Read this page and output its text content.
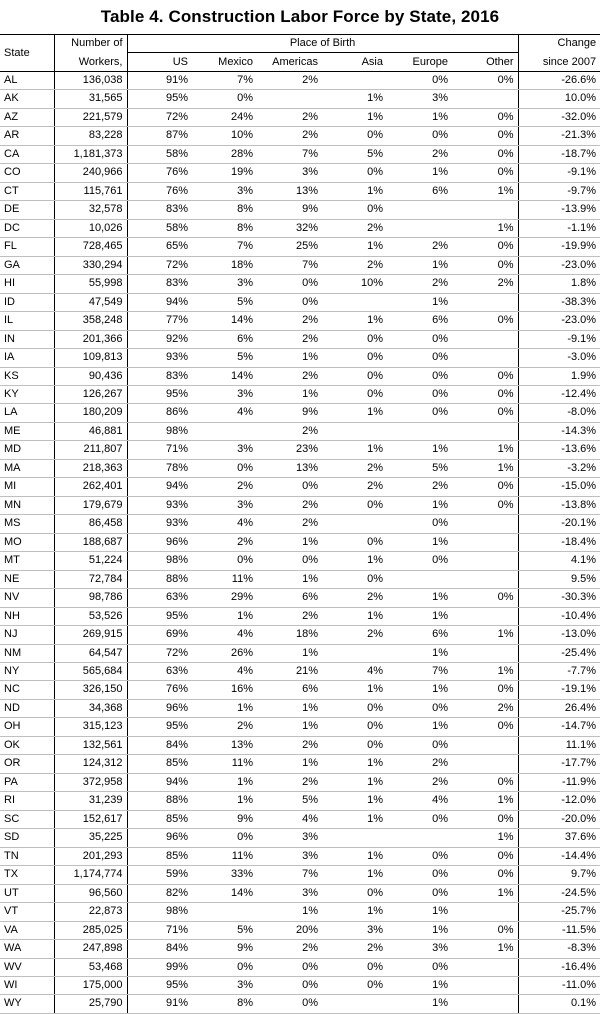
Table 4. Construction Labor Force by State, 2016
State	Number of	Place of Birth						Change
	Workers,	US	Mexico	Americas	Asia	Europe	Other	since 2007
AL	136,038	91%	7%	2%		0%	0%	-26.6%
AK	31,565	95%	0%		1%	3%		10.0%
AZ	221,579	72%	24%	2%	1%	1%	0%	-32.0%
AR	83,228	87%	10%	2%	0%	0%	0%	-21.3%
CA	1,181,373	58%	28%	7%	5%	2%	0%	-18.7%
CO	240,966	76%	19%	3%	0%	1%	0%	-9.1%
CT	115,761	76%	3%	13%	1%	6%	1%	-9.7%
DE	32,578	83%	8%	9%	0%			-13.9%
DC	10,026	58%	8%	32%	2%		1%	-1.1%
FL	728,465	65%	7%	25%	1%	2%	0%	-19.9%
GA	330,294	72%	18%	7%	2%	1%	0%	-23.0%
HI	55,998	83%	3%	0%	10%	2%	2%	1.8%
ID	47,549	94%	5%	0%		1%		-38.3%
IL	358,248	77%	14%	2%	1%	6%	0%	-23.0%
IN	201,366	92%	6%	2%	0%	0%		-9.1%
IA	109,813	93%	5%	1%	0%	0%		-3.0%
KS	90,436	83%	14%	2%	0%	0%	0%	1.9%
KY	126,267	95%	3%	1%	0%	0%	0%	-12.4%
LA	180,209	86%	4%	9%	1%	0%	0%	-8.0%
ME	46,881	98%		2%				-14.3%
MD	211,807	71%	3%	23%	1%	1%	1%	-13.6%
MA	218,363	78%	0%	13%	2%	5%	1%	-3.2%
MI	262,401	94%	2%	0%	2%	2%	0%	-15.0%
MN	179,679	93%	3%	2%	0%	1%	0%	-13.8%
MS	86,458	93%	4%	2%		0%		-20.1%
MO	188,687	96%	2%	1%	0%	1%		-18.4%
MT	51,224	98%	0%	0%	1%	0%		4.1%
NE	72,784	88%	11%	1%	0%			9.5%
NV	98,786	63%	29%	6%	2%	1%	0%	-30.3%
NH	53,526	95%	1%	2%	1%	1%		-10.4%
NJ	269,915	69%	4%	18%	2%	6%	1%	-13.0%
NM	64,547	72%	26%	1%		1%		-25.4%
NY	565,684	63%	4%	21%	4%	7%	1%	-7.7%
NC	326,150	76%	16%	6%	1%	1%	0%	-19.1%
ND	34,368	96%	1%	1%	0%	0%	2%	26.4%
OH	315,123	95%	2%	1%	0%	1%	0%	-14.7%
OK	132,561	84%	13%	2%	0%	0%		11.1%
OR	124,312	85%	11%	1%	1%	2%		-17.7%
PA	372,958	94%	1%	2%	1%	2%	0%	-11.9%
RI	31,239	88%	1%	5%	1%	4%	1%	-12.0%
SC	152,617	85%	9%	4%	1%	0%	0%	-20.0%
SD	35,225	96%	0%	3%			1%	37.6%
TN	201,293	85%	11%	3%	1%	0%	0%	-14.4%
TX	1,174,774	59%	33%	7%	1%	0%	0%	9.7%
UT	96,560	82%	14%	3%	0%	0%	1%	-24.5%
VT	22,873	98%		1%	1%	1%		-25.7%
VA	285,025	71%	5%	20%	3%	1%	0%	-11.5%
WA	247,898	84%	9%	2%	2%	3%	1%	-8.3%
WV	53,468	99%	0%	0%	0%	0%		-16.4%
WI	175,000	95%	3%	0%	0%	1%		-11.0%
WY	25,790	91%	8%	0%		1%		0.1%
